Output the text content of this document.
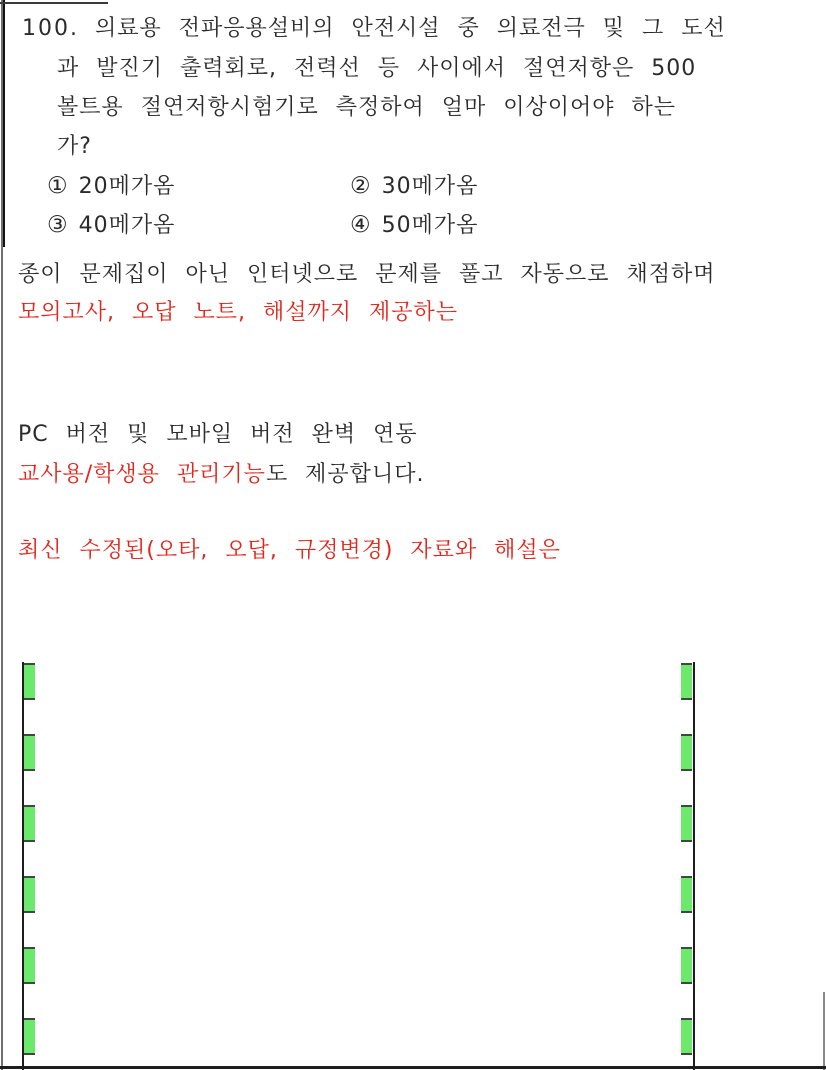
100. 의료용 전파응용설비의 안전시설 중 의료전극 및 그 도선
과 발진기 출력회로, 전력선 등 사이에서 절연저항은 500
볼트용 절연저항시험기로 측정하여 얼마 이상이어야 하는
가?
① 20메가옴	② 30메가옴
③ 40메가옴	④ 50메가옴
종이 문제집이 아닌 인터넷으로 문제를 풀고 자동으로 채점하며
모의고사, 오답 노트, 해설까지 제공하는
PC 버전 및 모바일 버전 완벽 연동
교사용/학생용 관리기능도 제공합니다.
최신 수정된(오타, 오답, 규정변경) 자료와 해설은
